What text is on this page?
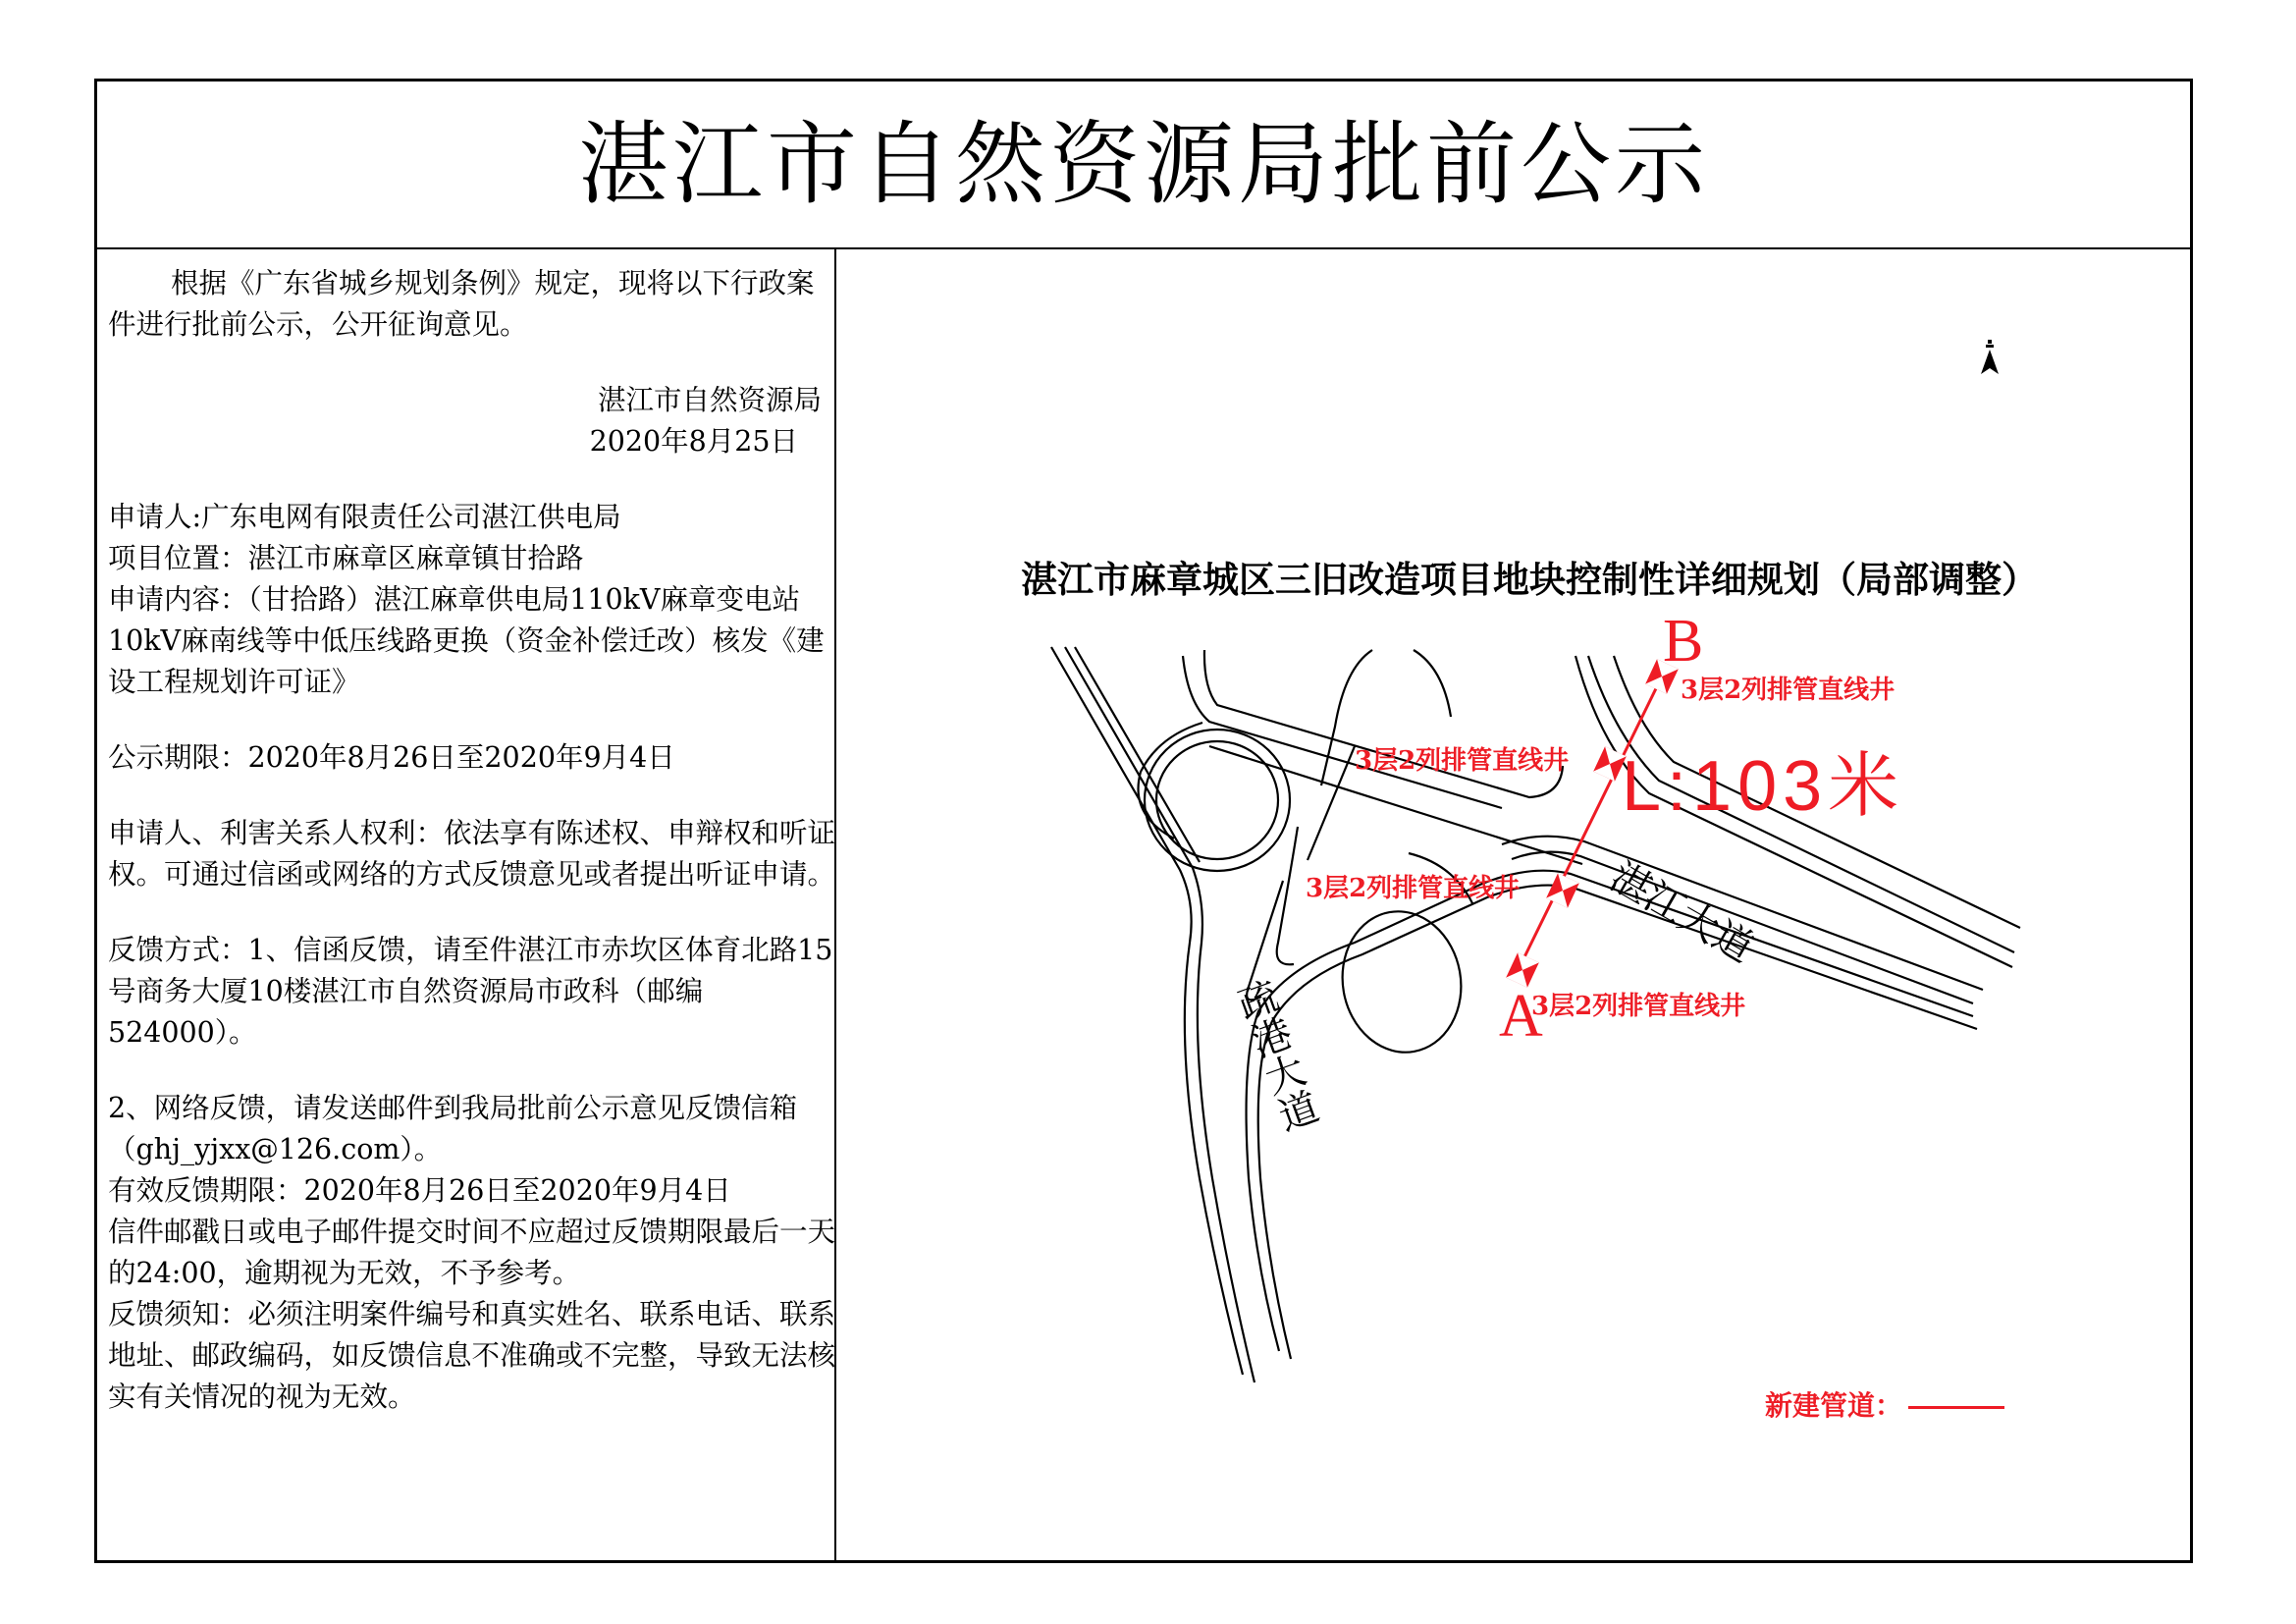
湛江市自然资源局批前公示

根据《广东省城乡规划条例》规定，现将以下行政案件进行批前公示，公开征询意见。

湛江市自然资源局

2020年8月25日

申请人:广东电网有限责任公司湛江供电局

项目位置：湛江市麻章区麻章镇甘拾路

申请内容：（甘拾路）湛江麻章供电局110kV麻章变电站10kV麻南线等中低压线路更换（资金补偿迁改）核发《建设工程规划许可证》

公示期限：2020年8月26日至2020年9月4日

申请人、利害关系人权利：依法享有陈述权、申辩权和听证权。可通过信函或网络的方式反馈意见或者提出听证申请。

反馈方式：1、信函反馈，请至件湛江市赤坎区体育北路15号商务大厦10楼湛江市自然资源局市政科（邮编524000）。

2、网络反馈，请发送邮件到我局批前公示意见反馈信箱（ghj_yjxx@126.com）。

有效反馈期限：2020年8月26日至2020年9月4日

信件邮戳日或电子邮件提交时间不应超过反馈期限最后一天的24:00，逾期视为无效，不予参考。

反馈须知：必须注明案件编号和真实姓名、联系电话、联系地址、邮政编码，如反馈信息不准确或不完整，导致无法核实有关情况的视为无效。

湛江市麻章城区三旧改造项目地块控制性详细规划（局部调整）
B
A
3层2列排管直线井
3层2列排管直线井
3层2列排管直线井
3层2列排管直线井
L:103米
湛江大道
疏港大道
新建管道：
